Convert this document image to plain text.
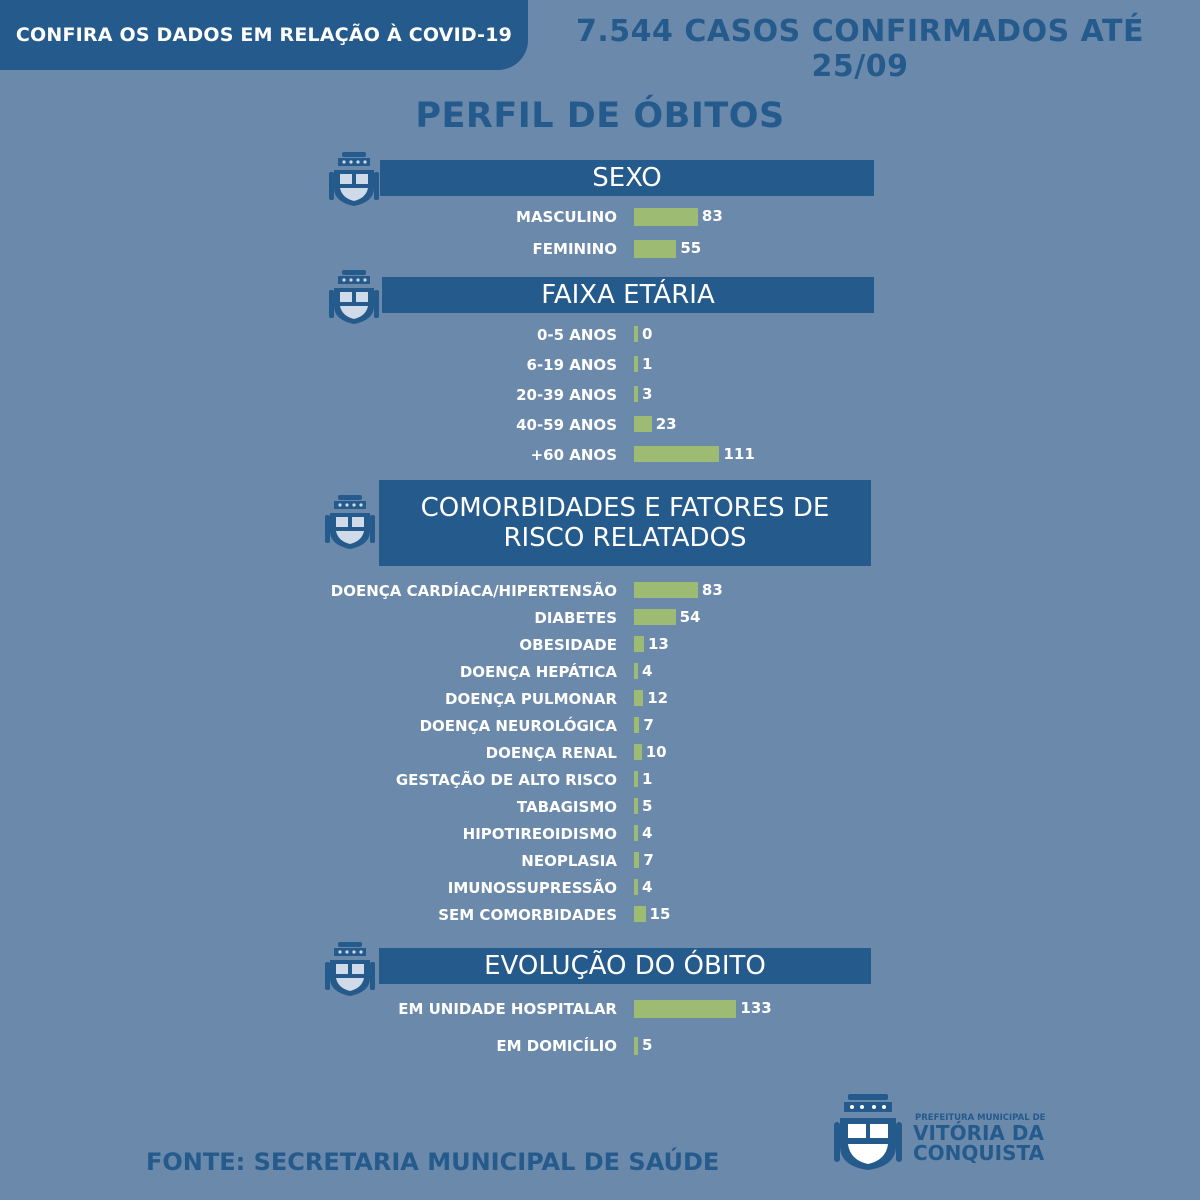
CONFIRA OS DADOS EM RELAÇÃO À COVID-19	7.544 CASOS CONFIRMADOS ATÉ 25/09
PERFIL DE ÓBITOS
SEXO
MASCULINO	83
FEMININO	55
FAIXA ETÁRIA
0-5 ANOS 0
6-19 ANOS 1
20-39 ANOS 3
40-59 ANOS	23
+60 ANOS	111
COMORBIDADES E FATORES DE RISCO RELATADOS
DOENÇA CARDÍACA/HIPERTENSÃO	83
DIABETES	54
OBESIDADE 13
DOENÇA HEPÁTICA 4
DOENÇA PULMONAR 12
DOENÇA NEUROLÓGICA 7
DOENÇA RENAL 10
GESTAÇÃO DE ALTO RISCO 1
TABAGISMO 5
HIPOTIREOIDISMO 4
NEOPLASIA 7
IMUNOSSUPRESSÃO 4
SEM COMORBIDADES 15
EVOLUÇÃO DO ÓBITO
EM UNIDADE HOSPITALAR	133
EM DOMICÍLIO 5
FONTE: SECRETARIA MUNICIPAL DE SAÚDE
PREFEITURA MUNICIPAL DE
VITÓRIA DA
CONQUISTA
